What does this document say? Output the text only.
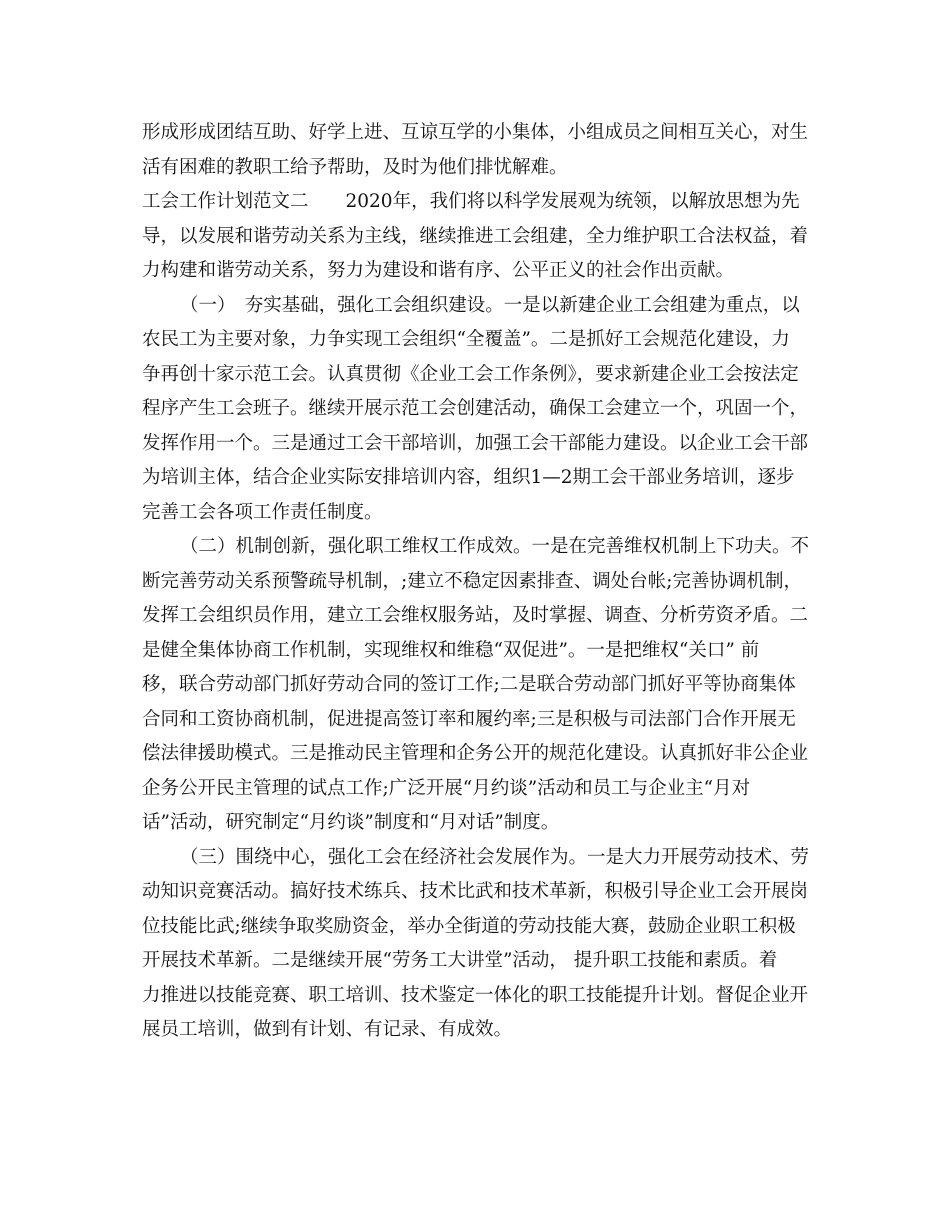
形成形成团结互助、好学上进、互谅互学的小集体，小组成员之间相互关心，对生
活有困难的教职工给予帮助，及时为他们排忧解难。
工会工作计划范文二　　2020年，我们将以科学发展观为统领，以解放思想为先
导，以发展和谐劳动关系为主线，继续推进工会组建，全力维护职工合法权益，着
力构建和谐劳动关系，努力为建设和谐有序、公平正义的社会作出贡献。
（一）　夯实基础，强化工会组织建设。一是以新建企业工会组建为重点，以
农民工为主要对象，力争实现工会组织“全覆盖”。二是抓好工会规范化建设，力
争再创十家示范工会。认真贯彻《企业工会工作条例》，要求新建企业工会按法定
程序产生工会班子。继续开展示范工会创建活动，确保工会建立一个，巩固一个，
发挥作用一个。三是通过工会干部培训，加强工会干部能力建设。以企业工会干部
为培训主体，结合企业实际安排培训内容，组织1—2期工会干部业务培训，逐步
完善工会各项工作责任制度。
（二）机制创新，强化职工维权工作成效。一是在完善维权机制上下功夫。不
断完善劳动关系预警疏导机制，;建立不稳定因素排查、调处台帐;完善协调机制，
发挥工会组织员作用，建立工会维权服务站，及时掌握、调查、分析劳资矛盾。二
是健全集体协商工作机制，实现维权和维稳“双促进”。一是把维权“关口” 前
移，联合劳动部门抓好劳动合同的签订工作;二是联合劳动部门抓好平等协商集体
合同和工资协商机制，促进提高签订率和履约率;三是积极与司法部门合作开展无
偿法律援助模式。三是推动民主管理和企务公开的规范化建设。认真抓好非公企业
企务公开民主管理的试点工作;广泛开展“月约谈”活动和员工与企业主“月对
话”活动，研究制定“月约谈”制度和“月对话”制度。
（三）围绕中心，强化工会在经济社会发展作为。一是大力开展劳动技术、劳
动知识竞赛活动。搞好技术练兵、技术比武和技术革新，积极引导企业工会开展岗
位技能比武;继续争取奖励资金，举办全街道的劳动技能大赛，鼓励企业职工积极
开展技术革新。二是继续开展“劳务工大讲堂”活动， 提升职工技能和素质。着
力推进以技能竞赛、职工培训、技术鉴定一体化的职工技能提升计划。督促企业开
展员工培训，做到有计划、有记录、有成效。
